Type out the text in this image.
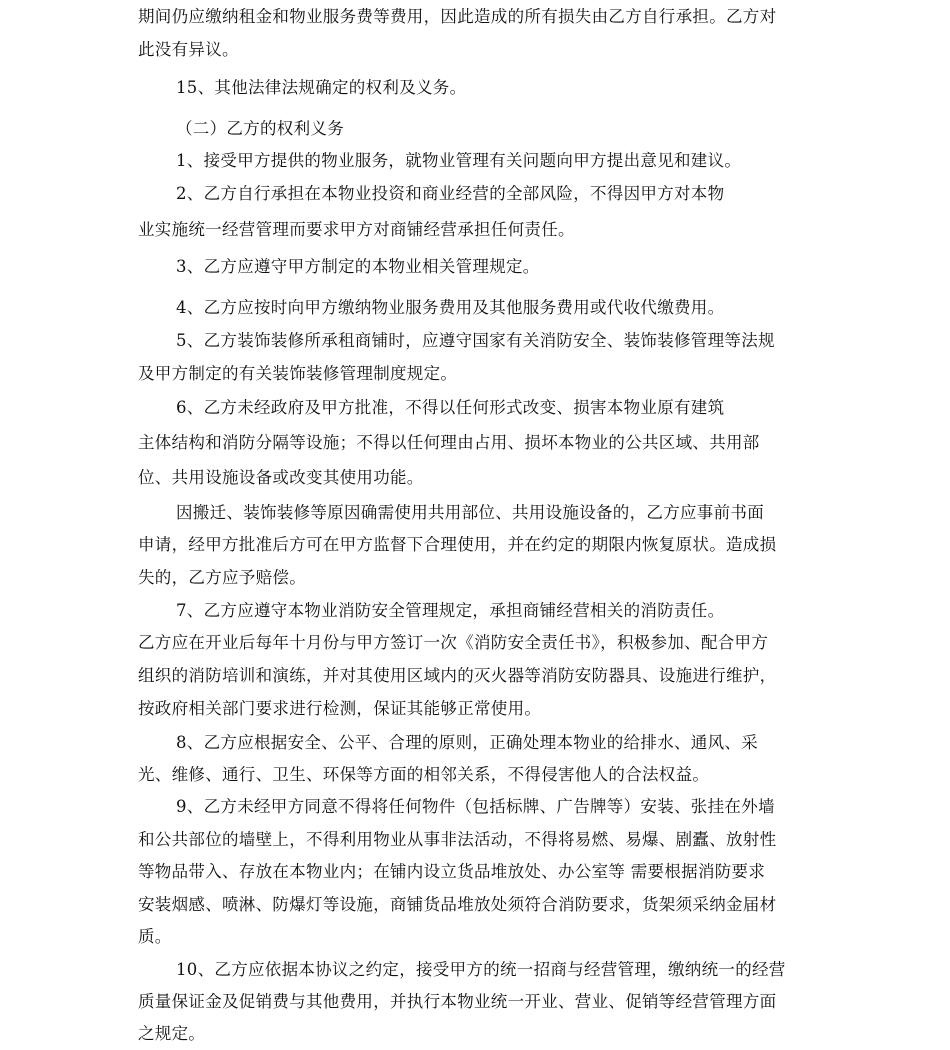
期间仍应缴纳租金和物业服务费等费用，因此造成的所有损失由乙方自行承担。乙方对
此没有异议。
15、其他法律法规确定的权利及义务。
（二）乙方的权利义务
1、接受甲方提供的物业服务，就物业管理有关问题向甲方提出意见和建议。
2、乙方自行承担在本物业投资和商业经营的全部风险，不得因甲方对本物
业实施统一经营管理而要求甲方对商铺经营承担任何责任。
3、乙方应遵守甲方制定的本物业相关管理规定。
4、乙方应按时向甲方缴纳物业服务费用及其他服务费用或代收代缴费用。
5、乙方装饰装修所承租商铺时，应遵守国家有关消防安全、装饰装修管理等法规
及甲方制定的有关装饰装修管理制度规定。
6、乙方未经政府及甲方批准，不得以任何形式改变、损害本物业原有建筑
主体结构和消防分隔等设施；不得以任何理由占用、损坏本物业的公共区域、共用部
位、共用设施设备或改变其使用功能。
因搬迁、装饰装修等原因确需使用共用部位、共用设施设备的，乙方应事前书面
申请，经甲方批准后方可在甲方监督下合理使用，并在约定的期限内恢复原状。造成损
失的，乙方应予赔偿。
7、乙方应遵守本物业消防安全管理规定，承担商铺经营相关的消防责任。
乙方应在开业后每年十月份与甲方签订一次《消防安全责任书》，积极参加、配合甲方
组织的消防培训和演练，并对其使用区域内的灭火器等消防安防器具、设施进行维护，
按政府相关部门要求进行检测，保证其能够正常使用。
8、乙方应根据安全、公平、合理的原则，正确处理本物业的给排水、通风、采
光、维修、通行、卫生、环保等方面的相邻关系，不得侵害他人的合法权益。
9、乙方未经甲方同意不得将任何物件（包括标牌、广告牌等）安装、张挂在外墙
和公共部位的墙壁上，不得利用物业从事非法活动，不得将易燃、易爆、剧蠹、放射性
等物品带入、存放在本物业内；在铺内设立货品堆放处、办公室等 需要根据消防要求
安装烟感、喷淋、防爆灯等设施，商铺货品堆放处须符合消防要求，货架须采纳金届材
质。
10、乙方应依据本协议之约定，接受甲方的统一招商与经营管理，缴纳统一的经营
质量保证金及促销费与其他费用，并执行本物业统一开业、营业、促销等经营管理方面
之规定。
